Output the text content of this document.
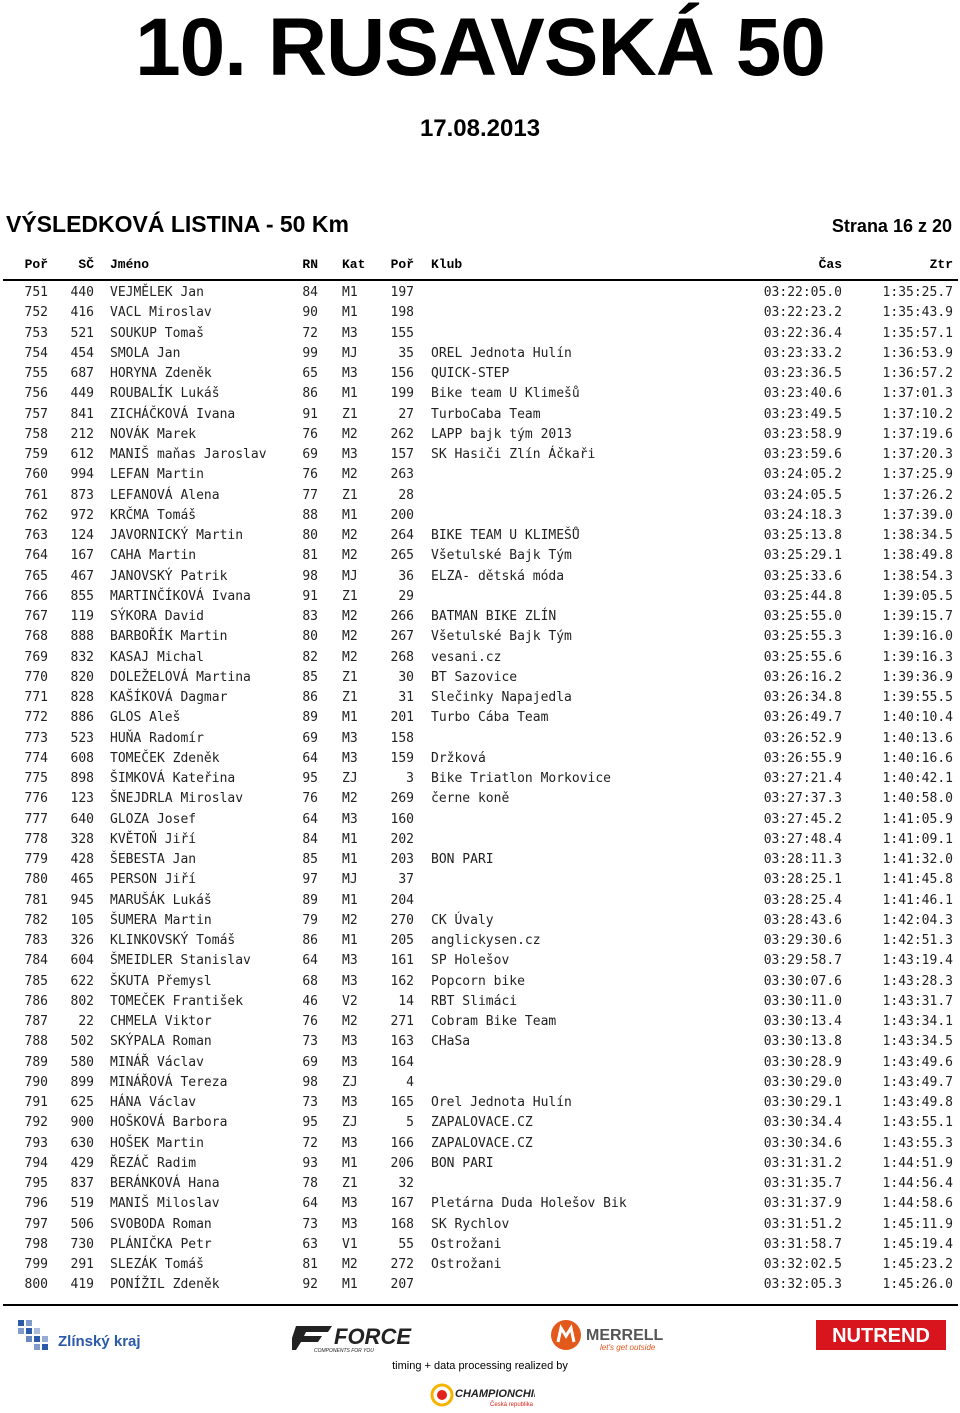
10. RUSAVSKÁ 50
17.08.2013
VÝSLEDKOVÁ LISTINA - 50 Km	Strana 16 z 20
Poř	SČ Jméno	RN Kat	Poř Klub	Čas	Ztr
751	440 VEJMĚLEK Jan	84 M1	197	03:22:05.0	1:35:25.7
752	416 VACL Miroslav	90 M1	198	03:22:23.2	1:35:43.9
753	521 SOUKUP Tomaš	72 M3	155	03:22:36.4	1:35:57.1
754	454 SMOLA Jan	99 MJ	35 OREL Jednota Hulín	03:23:33.2	1:36:53.9
755	687 HORYNA Zdeněk	65 M3	156 QUICK-STEP	03:23:36.5	1:36:57.2
756	449 ROUBALÍK Lukáš	86 M1	199 Bike team U Klimešů	03:23:40.6	1:37:01.3
757	841 ZICHÁČKOVÁ Ivana	91 Z1	27 TurboCaba Team	03:23:49.5	1:37:10.2
758	212 NOVÁK Marek	76 M2	262 LAPP bajk tým 2013	03:23:58.9	1:37:19.6
759	612 MANIŠ maňas Jaroslav	69 M3	157 SK Hasiči Zlín Áčkaři	03:23:59.6	1:37:20.3
760	994 LEFAN Martin	76 M2	263	03:24:05.2	1:37:25.9
761	873 LEFANOVÁ Alena	77 Z1	28	03:24:05.5	1:37:26.2
762	972 KRČMA Tomáš	88 M1	200	03:24:18.3	1:37:39.0
763	124 JAVORNICKÝ Martin	80 M2	264 BIKE TEAM U KLIMEŠŮ	03:25:13.8	1:38:34.5
764	167 CAHA Martin	81 M2	265 Všetulské Bajk Tým	03:25:29.1	1:38:49.8
765	467 JANOVSKÝ Patrik	98 MJ	36 ELZA- dětská móda	03:25:33.6	1:38:54.3
766	855 MARTINČÍKOVÁ Ivana	91 Z1	29	03:25:44.8	1:39:05.5
767	119 SÝKORA David	83 M2	266 BATMAN BIKE ZLÍN	03:25:55.0	1:39:15.7
768	888 BARBOŘÍK Martin	80 M2	267 Všetulské Bajk Tým	03:25:55.3	1:39:16.0
769	832 KASAJ Michal	82 M2	268 vesani.cz	03:25:55.6	1:39:16.3
770	820 DOLEŽELOVÁ Martina	85 Z1	30 BT Sazovice	03:26:16.2	1:39:36.9
771	828 KAŠÍKOVÁ Dagmar	86 Z1	31 Slečinky Napajedla	03:26:34.8	1:39:55.5
772	886 GLOS Aleš	89 M1	201 Turbo Cába Team	03:26:49.7	1:40:10.4
773	523 HUŇA Radomír	69 M3	158	03:26:52.9	1:40:13.6
774	608 TOMEČEK Zdeněk	64 M3	159 Držková	03:26:55.9	1:40:16.6
775	898 ŠIMKOVÁ Kateřina	95 ZJ	3 Bike Triatlon Morkovice	03:27:21.4	1:40:42.1
776	123 ŠNEJDRLA Miroslav	76 M2	269 černe koně	03:27:37.3	1:40:58.0
777	640 GLOZA Josef	64 M3	160	03:27:45.2	1:41:05.9
778	328 KVĚTOŇ Jiří	84 M1	202	03:27:48.4	1:41:09.1
779	428 ŠEBESTA Jan	85 M1	203 BON PARI	03:28:11.3	1:41:32.0
780	465 PERSON Jiří	97 MJ	37	03:28:25.1	1:41:45.8
781	945 MARUŠÁK Lukáš	89 M1	204	03:28:25.4	1:41:46.1
782	105 ŠUMERA Martin	79 M2	270 CK Úvaly	03:28:43.6	1:42:04.3
783	326 KLINKOVSKÝ Tomáš	86 M1	205 anglickysen.cz	03:29:30.6	1:42:51.3
784	604 ŠMEIDLER Stanislav	64 M3	161 SP Holešov	03:29:58.7	1:43:19.4
785	622 ŠKUTA Přemysl	68 M3	162 Popcorn bike	03:30:07.6	1:43:28.3
786	802 TOMEČEK František	46 V2	14 RBT Slimáci	03:30:11.0	1:43:31.7
787	22 CHMELA Viktor	76 M2	271 Cobram Bike Team	03:30:13.4	1:43:34.1
788	502 SKÝPALA Roman	73 M3	163 CHaSa	03:30:13.8	1:43:34.5
789	580 MINÁŘ Václav	69 M3	164	03:30:28.9	1:43:49.6
790	899 MINÁŘOVÁ Tereza	98 ZJ	4	03:30:29.0	1:43:49.7
791	625 HÁNA Václav	73 M3	165 Orel Jednota Hulín	03:30:29.1	1:43:49.8
792	900 HOŠKOVÁ Barbora	95 ZJ	5 ZAPALOVACE.CZ	03:30:34.4	1:43:55.1
793	630 HOŠEK Martin	72 M3	166 ZAPALOVACE.CZ	03:30:34.6	1:43:55.3
794	429 ŘEZÁČ Radim	93 M1	206 BON PARI	03:31:31.2	1:44:51.9
795	837 BERÁNKOVÁ Hana	78 Z1	32	03:31:35.7	1:44:56.4
796	519 MANIŠ Miloslav	64 M3	167 Pletárna Duda Holešov Bik	03:31:37.9	1:44:58.6
797	506 SVOBODA Roman	73 M3	168 SK Rychlov	03:31:51.2	1:45:11.9
798	730 PLÁNIČKA Petr	63 V1	55 Ostrožani	03:31:58.7	1:45:19.4
799	291 SLEZÁK Tomáš	81 M2	272 Ostrožani	03:32:02.5	1:45:23.2
800	419 PONÍŽIL Zdeněk	92 M1	207	03:32:05.3	1:45:26.0
Zlínský kraj	FORCE
COMPONENTS FOR YOU
MERRELL
let's get outside
NUTREND
timing + data processing realized by
CHAMPIONCHIP
Česká republika
